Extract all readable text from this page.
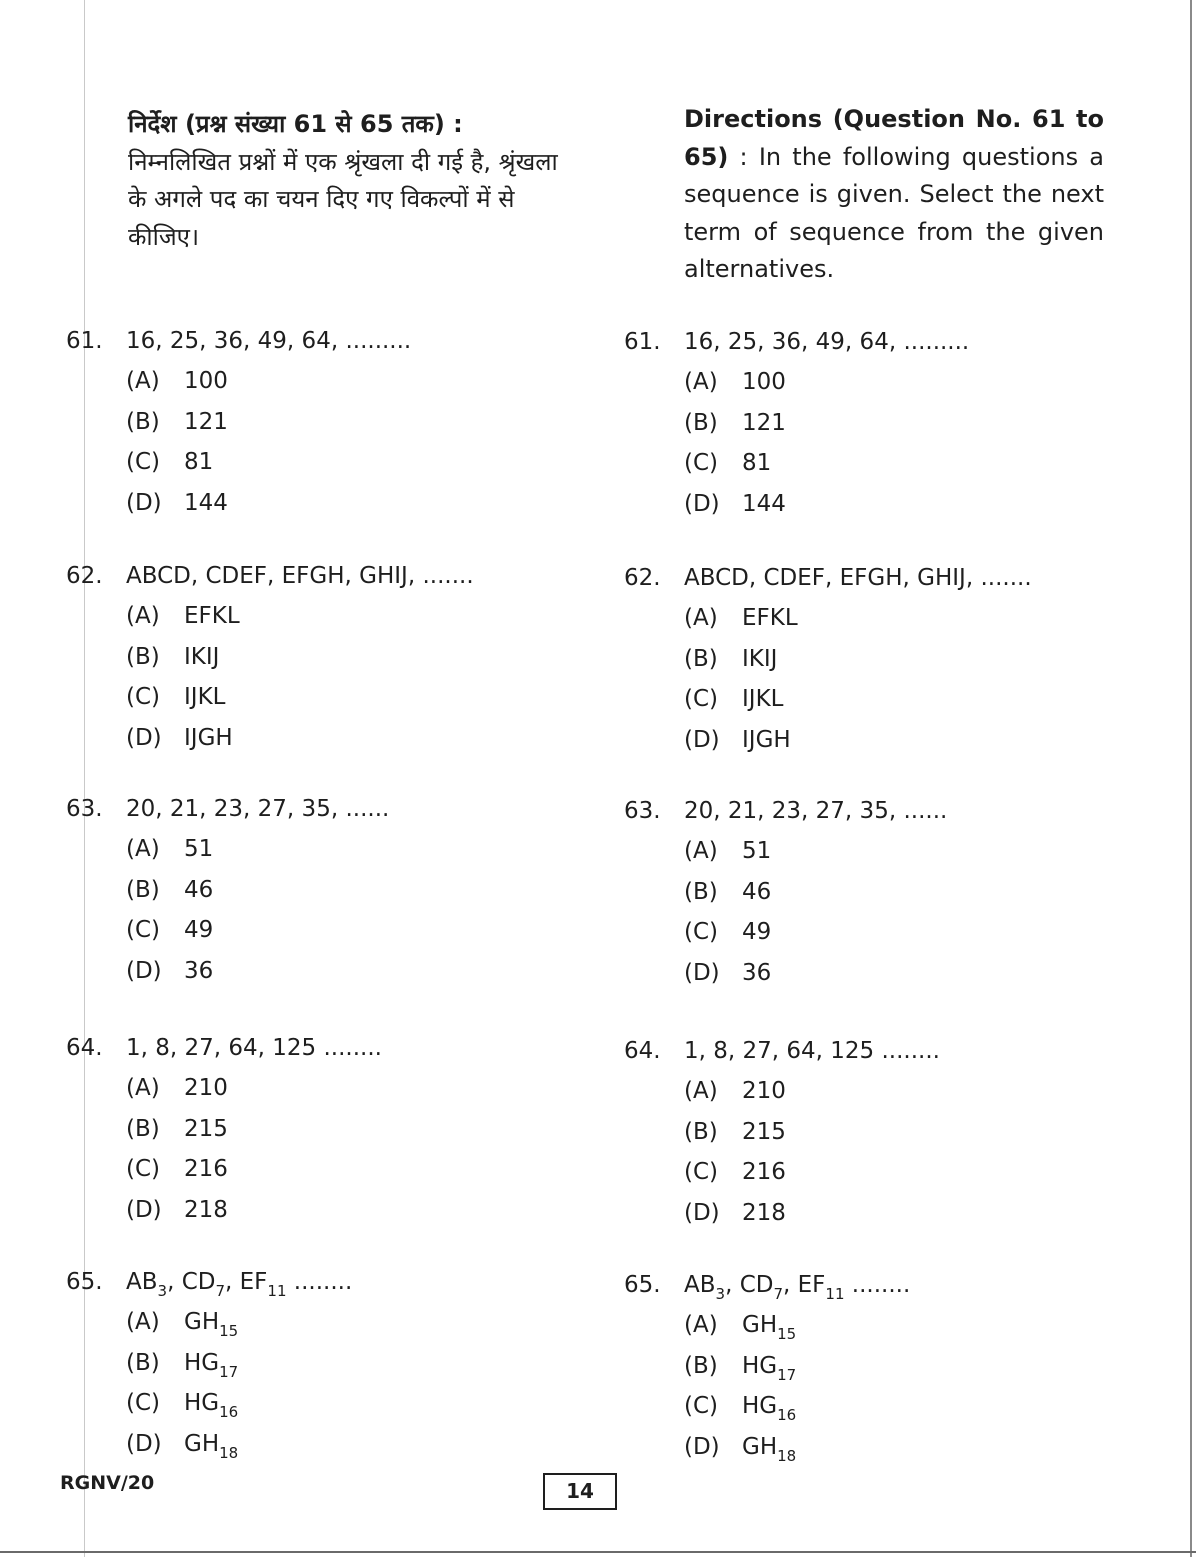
निर्देश (प्रश्न संख्या 61 से 65 तक) : निम्नलिखित प्रश्नों में एक श्रृंखला दी गई है, श्रृंखला के अगले पद का चयन दिए गए विकल्पों में से कीजिए।
61. 16, 25, 36, 49, 64, .........
(A) 100
(B) 121
(C) 81
(D) 144
62. ABCD, CDEF, EFGH, GHIJ, .......
(A) EFKL
(B) IKIJ
(C) IJKL
(D) IJGH
63. 20, 21, 23, 27, 35, ......
(A) 51
(B) 46
(C) 49
(D) 36
64. 1, 8, 27, 64, 125 ........
(A) 210
(B) 215
(C) 216
(D) 218
65. $AB_3$, $CD_7$, $EF_{11}$ ........
(A) $GH_{15}$
(B) $HG_{17}$
(C) $HG_{16}$
(D) $GH_{18}$
Directions (Question No. 61 to 65) : In the following questions a sequence is given. Select the next term of sequence from the given alternatives.
61. 16, 25, 36, 49, 64, .........
(A) 100
(B) 121
(C) 81
(D) 144
62. ABCD, CDEF, EFGH, GHIJ, .......
(A) EFKL
(B) IKIJ
(C) IJKL
(D) IJGH
63. 20, 21, 23, 27, 35, ......
(A) 51
(B) 46
(C) 49
(D) 36
64. 1, 8, 27, 64, 125 ........
(A) 210
(B) 215
(C) 216
(D) 218
65. $AB_3$, $CD_7$, $EF_{11}$ ........
(A) $GH_{15}$
(B) $HG_{17}$
(C) $HG_{16}$
(D) $GH_{18}$
RGNV/20	14
